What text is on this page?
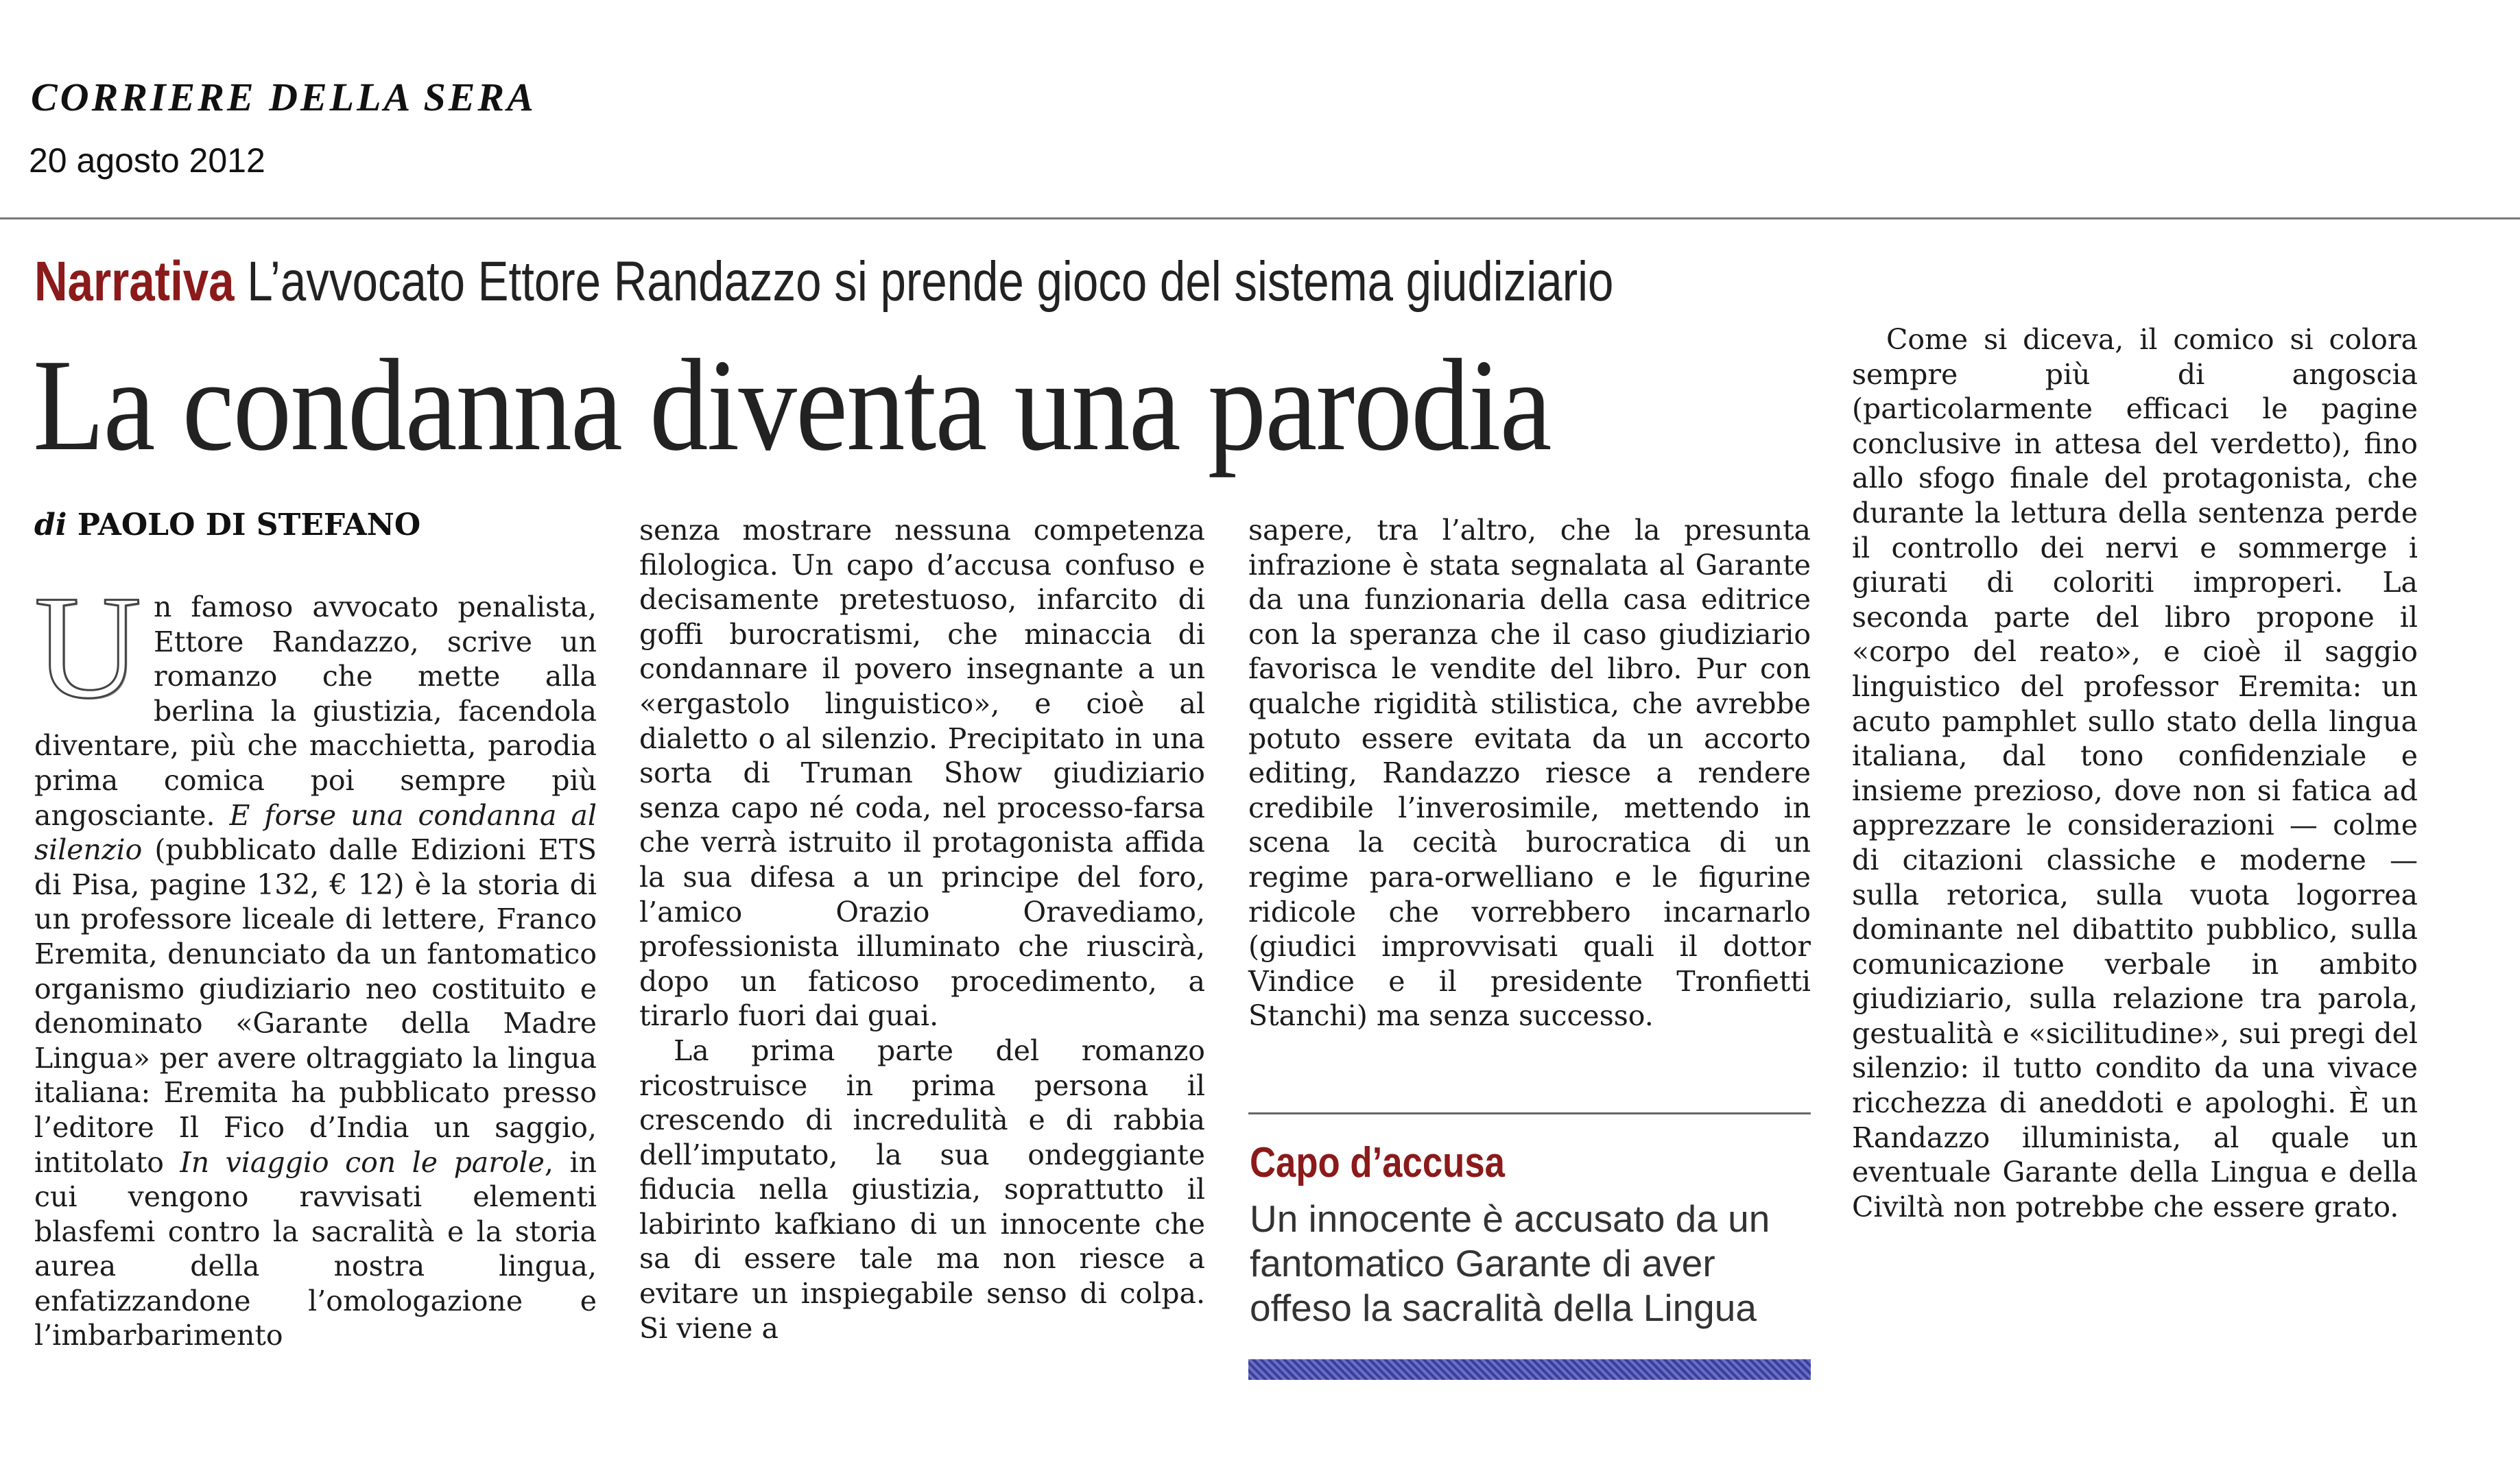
CORRIERE DELLA SERA
20 agosto 2012
Narrativa L’avvocato Ettore Randazzo si prende gioco del sistema giudiziario
La condanna diventa una parodia
di PAOLO DI STEFANO

Un famoso avvocato penalista, Ettore Randazzo, scrive un romanzo che mette alla berlina la giustizia, facendola diventare, più che macchietta, parodia prima comica poi sempre più angosciante. E forse una condanna al silenzio (pubblicato dalle Edizioni ETS di Pisa, pagine 132, € 12) è la storia di un professore liceale di lettere, Franco Eremita, denunciato da un fantomatico organismo giudiziario neo costituito e denominato «Garante della Madre Lingua» per avere oltraggiato la lingua italiana: Eremita ha pubblicato presso l’editore Il Fico d’India un saggio, intitolato In viaggio con le parole, in cui vengono ravvisati elementi blasfemi contro la sacralità e la storia aurea della nostra lingua, enfatizzandone l’omologazione e l’imbarbarimento

senza mostrare nessuna competenza filologica. Un capo d’accusa confuso e decisamente pretestuoso, infarcito di goffi burocratismi, che minaccia di condannare il povero insegnante a un «ergastolo linguistico», e cioè al dialetto o al silenzio. Precipitato in una sorta di Truman Show giudiziario senza capo né coda, nel processo-farsa che verrà istruito il protagonista affida la sua difesa a un principe del foro, l’amico Orazio Oravediamo, professionista illuminato che riuscirà, dopo un faticoso procedimento, a tirarlo fuori dai guai.

La prima parte del romanzo ricostruisce in prima persona il crescendo di incredulità e di rabbia dell’imputato, la sua ondeggiante fiducia nella giustizia, soprattutto il labirinto kafkiano di un innocente che sa di essere tale ma non riesce a evitare un inspiegabile senso di colpa. Si viene a

sapere, tra l’altro, che la presunta infrazione è stata segnalata al Garante da una funzionaria della casa editrice con la speranza che il caso giudiziario favorisca le vendite del libro. Pur con qualche rigidità stilistica, che avrebbe potuto essere evitata da un accorto editing, Randazzo riesce a rendere credibile l’inverosimile, mettendo in scena la cecità burocratica di un regime para-orwelliano e le figurine ridicole che vorrebbero incarnarlo (giudici improvvisati quali il dottor Vindice e il presidente Tronfietti Stanchi) ma senza successo.

Capo d’accusa
Un innocente è accusato da un fantomatico Garante di aver offeso la sacralità della Lingua

Come si diceva, il comico si colora sempre più di angoscia (particolarmente efficaci le pagine conclusive in attesa del verdetto), fino allo sfogo finale del protagonista, che durante la lettura della sentenza perde il controllo dei nervi e sommerge i giurati di coloriti improperi. La seconda parte del libro propone il «corpo del reato», e cioè il saggio linguistico del professor Eremita: un acuto pamphlet sullo stato della lingua italiana, dal tono confidenziale e insieme prezioso, dove non si fatica ad apprezzare le considerazioni — colme di citazioni classiche e moderne — sulla retorica, sulla vuota logorrea dominante nel dibattito pubblico, sulla comunicazione verbale in ambito giudiziario, sulla relazione tra parola, gestualità e «sicilitudine», sui pregi del silenzio: il tutto condito da una vivace ricchezza di aneddoti e apologhi. È un Randazzo illuminista, al quale un eventuale Garante della Lingua e della Civiltà non potrebbe che essere grato.
